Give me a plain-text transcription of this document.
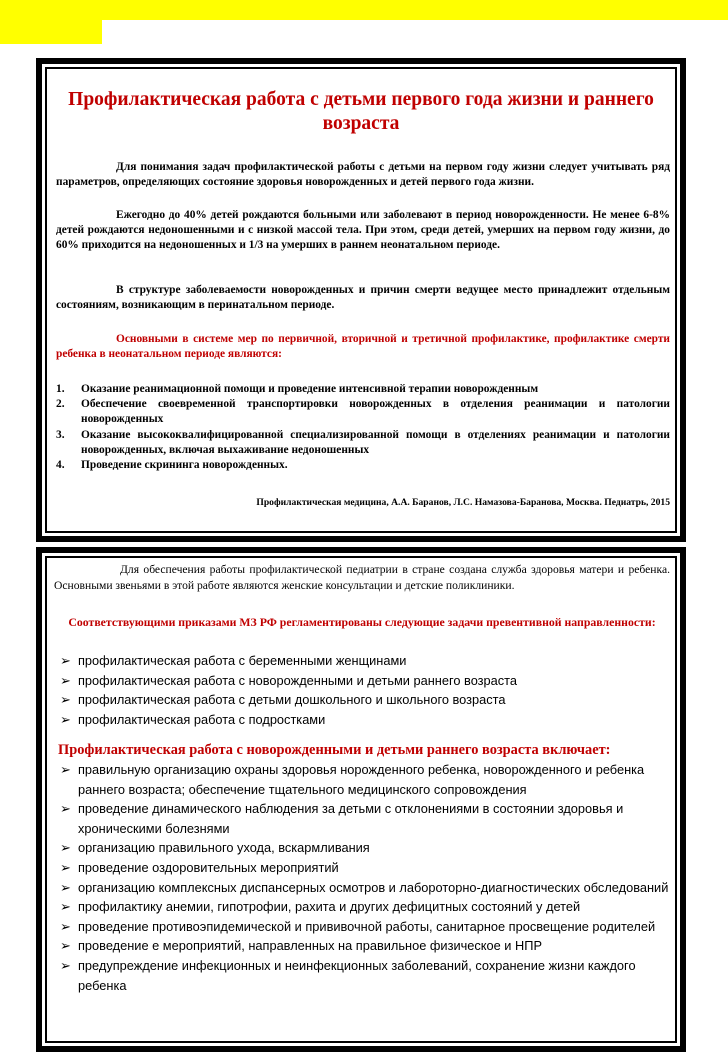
Профилактическая работа с детьми первого года жизни и раннего возраста

Для понимания задач профилактической работы с детьми на первом году жизни следует учитывать ряд параметров, определяющих состояние здоровья новорожденных и детей первого года жизни.

Ежегодно до 40% детей рождаются больными или заболевают в период новорожденности. Не менее 6-8% детей рождаются недоношенными и с низкой массой тела. При этом, среди детей, умерших на первом году жизни, до 60% приходится на недоношенных и 1/3 на умерших в раннем неонатальном периоде.

В структуре заболеваемости новорожденных и причин смерти ведущее место принадлежит отдельным состояниям, возникающим в перинатальном периоде.

Основными в системе мер по первичной, вторичной и третичной профилактике, профилактике смерти ребенка в неонатальном периоде являются:

1. Оказание реанимационной помощи и проведение интенсивной терапии новорожденным
2. Обеспечение своевременной транспортировки новорожденных в отделения реанимации и патологии новорожденных
3. Оказание высококвалифицированной специализированной помощи в отделениях реанимации и патологии новорожденных, включая выхаживание недоношенных
4. Проведение скрининга новорожденных.

Профилактическая медицина, А.А. Баранов, Л.С. Намазова-Баранова, Москва. Педиатрь, 2015

Для обеспечения работы профилактической педиатрии в стране создана служба здоровья матери и ребенка. Основными звеньями в этой работе являются женские консультации и детские поликлиники.

Соответствующими приказами МЗ РФ регламентированы следующие задачи превентивной направленности:

➢ профилактическая работа с беременными женщинами
➢ профилактическая работа с новорожденными и детьми раннего возраста
➢ профилактическая работа с детьми дошкольного и школьного возраста
➢ профилактическая работа с подростками

Профилактическая работа с новорожденными и детьми раннего возраста включает:

➢ правильную организацию охраны здоровья норожденного ребенка, новорожденного и ребенка раннего возраста; обеспечение тщательного медицинского сопровождения
➢ проведение динамического наблюдения за детьми с отклонениями в состоянии здоровья и хроническими болезнями
➢ организацию правильного ухода, вскармливания
➢ проведение оздоровительных мероприятий
➢ организацию комплексных диспансерных осмотров и лабороторно-диагностических обследований
➢ профилактику анемии, гипотрофии, рахита и других дефицитных состояний у детей
➢ проведение противоэпидемической и прививочной работы, санитарное просвещение родителей
➢ проведение е мероприятий, направленных на правильное физическое и НПР
➢ предупреждение инфекционных и неинфекционных заболеваний, сохранение жизни каждого ребенка
